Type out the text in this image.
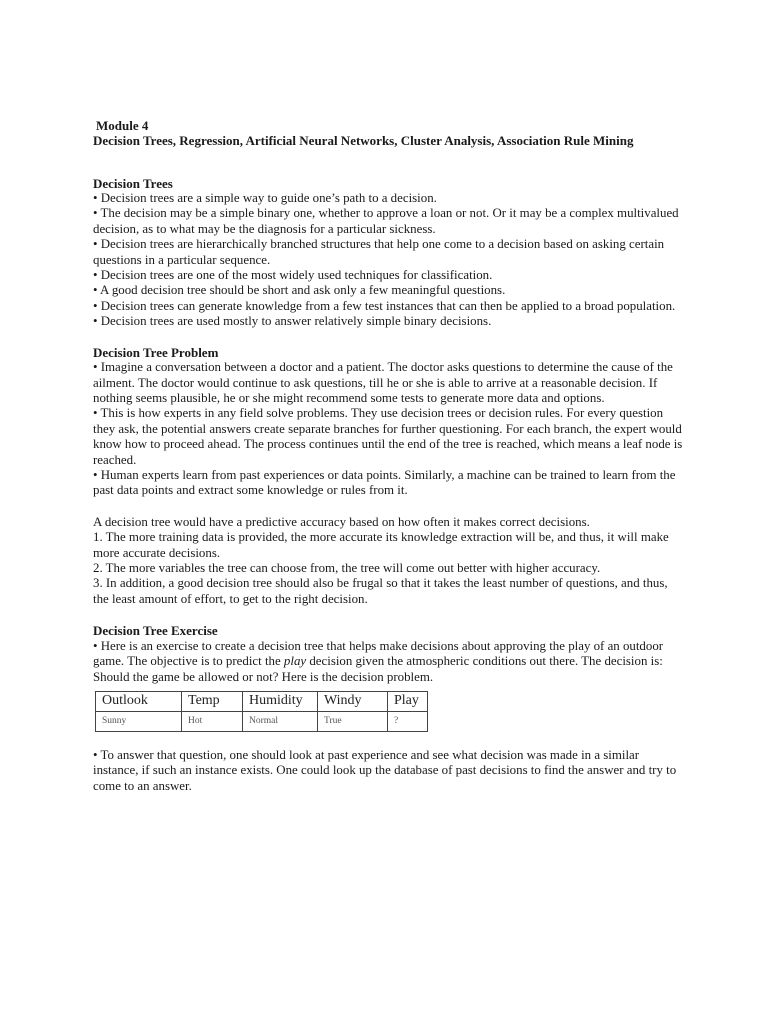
Module 4
Decision Trees, Regression, Artificial Neural Networks, Cluster Analysis, Association Rule Mining
Decision Trees

• Decision trees are a simple way to guide one’s path to a decision.

• The decision may be a simple binary one, whether to approve a loan or not. Or it may be a complex multivalued decision, as to what may be the diagnosis for a particular sickness.

• Decision trees are hierarchically branched structures that help one come to a decision based on asking certain questions in a particular sequence.

• Decision trees are one of the most widely used techniques for classification.

• A good decision tree should be short and ask only a few meaningful questions.

• Decision trees can generate knowledge from a few test instances that can then be applied to a broad population.

• Decision trees are used mostly to answer relatively simple binary decisions.

Decision Tree Problem

• Imagine a conversation between a doctor and a patient. The doctor asks questions to determine the cause of the ailment. The doctor would continue to ask questions, till he or she is able to arrive at a reasonable decision. If nothing seems plausible, he or she might recommend some tests to generate more data and options.

• This is how experts in any field solve problems. They use decision trees or decision rules. For every question they ask, the potential answers create separate branches for further questioning. For each branch, the expert would know how to proceed ahead. The process continues until the end of the tree is reached, which means a leaf node is reached.

• Human experts learn from past experiences or data points. Similarly, a machine can be trained to learn from the past data points and extract some knowledge or rules from it.

A decision tree would have a predictive accuracy based on how often it makes correct decisions.

1. The more training data is provided, the more accurate its knowledge extraction will be, and thus, it will make more accurate decisions.

2. The more variables the tree can choose from, the tree will come out better with higher accuracy.

3. In addition, a good decision tree should also be frugal so that it takes the least number of questions, and thus, the least amount of effort, to get to the right decision.

Decision Tree Exercise

• Here is an exercise to create a decision tree that helps make decisions about approving the play of an outdoor game. The objective is to predict the play decision given the atmospheric conditions out there. The decision is: Should the game be allowed or not? Here is the decision problem.

Outlook	Temp	Humidity	Windy	Play
Sunny	Hot	Normal	True	?

• To answer that question, one should look at past experience and see what decision was made in a similar instance, if such an instance exists. One could look up the database of past decisions to find the answer and try to come to an answer.
